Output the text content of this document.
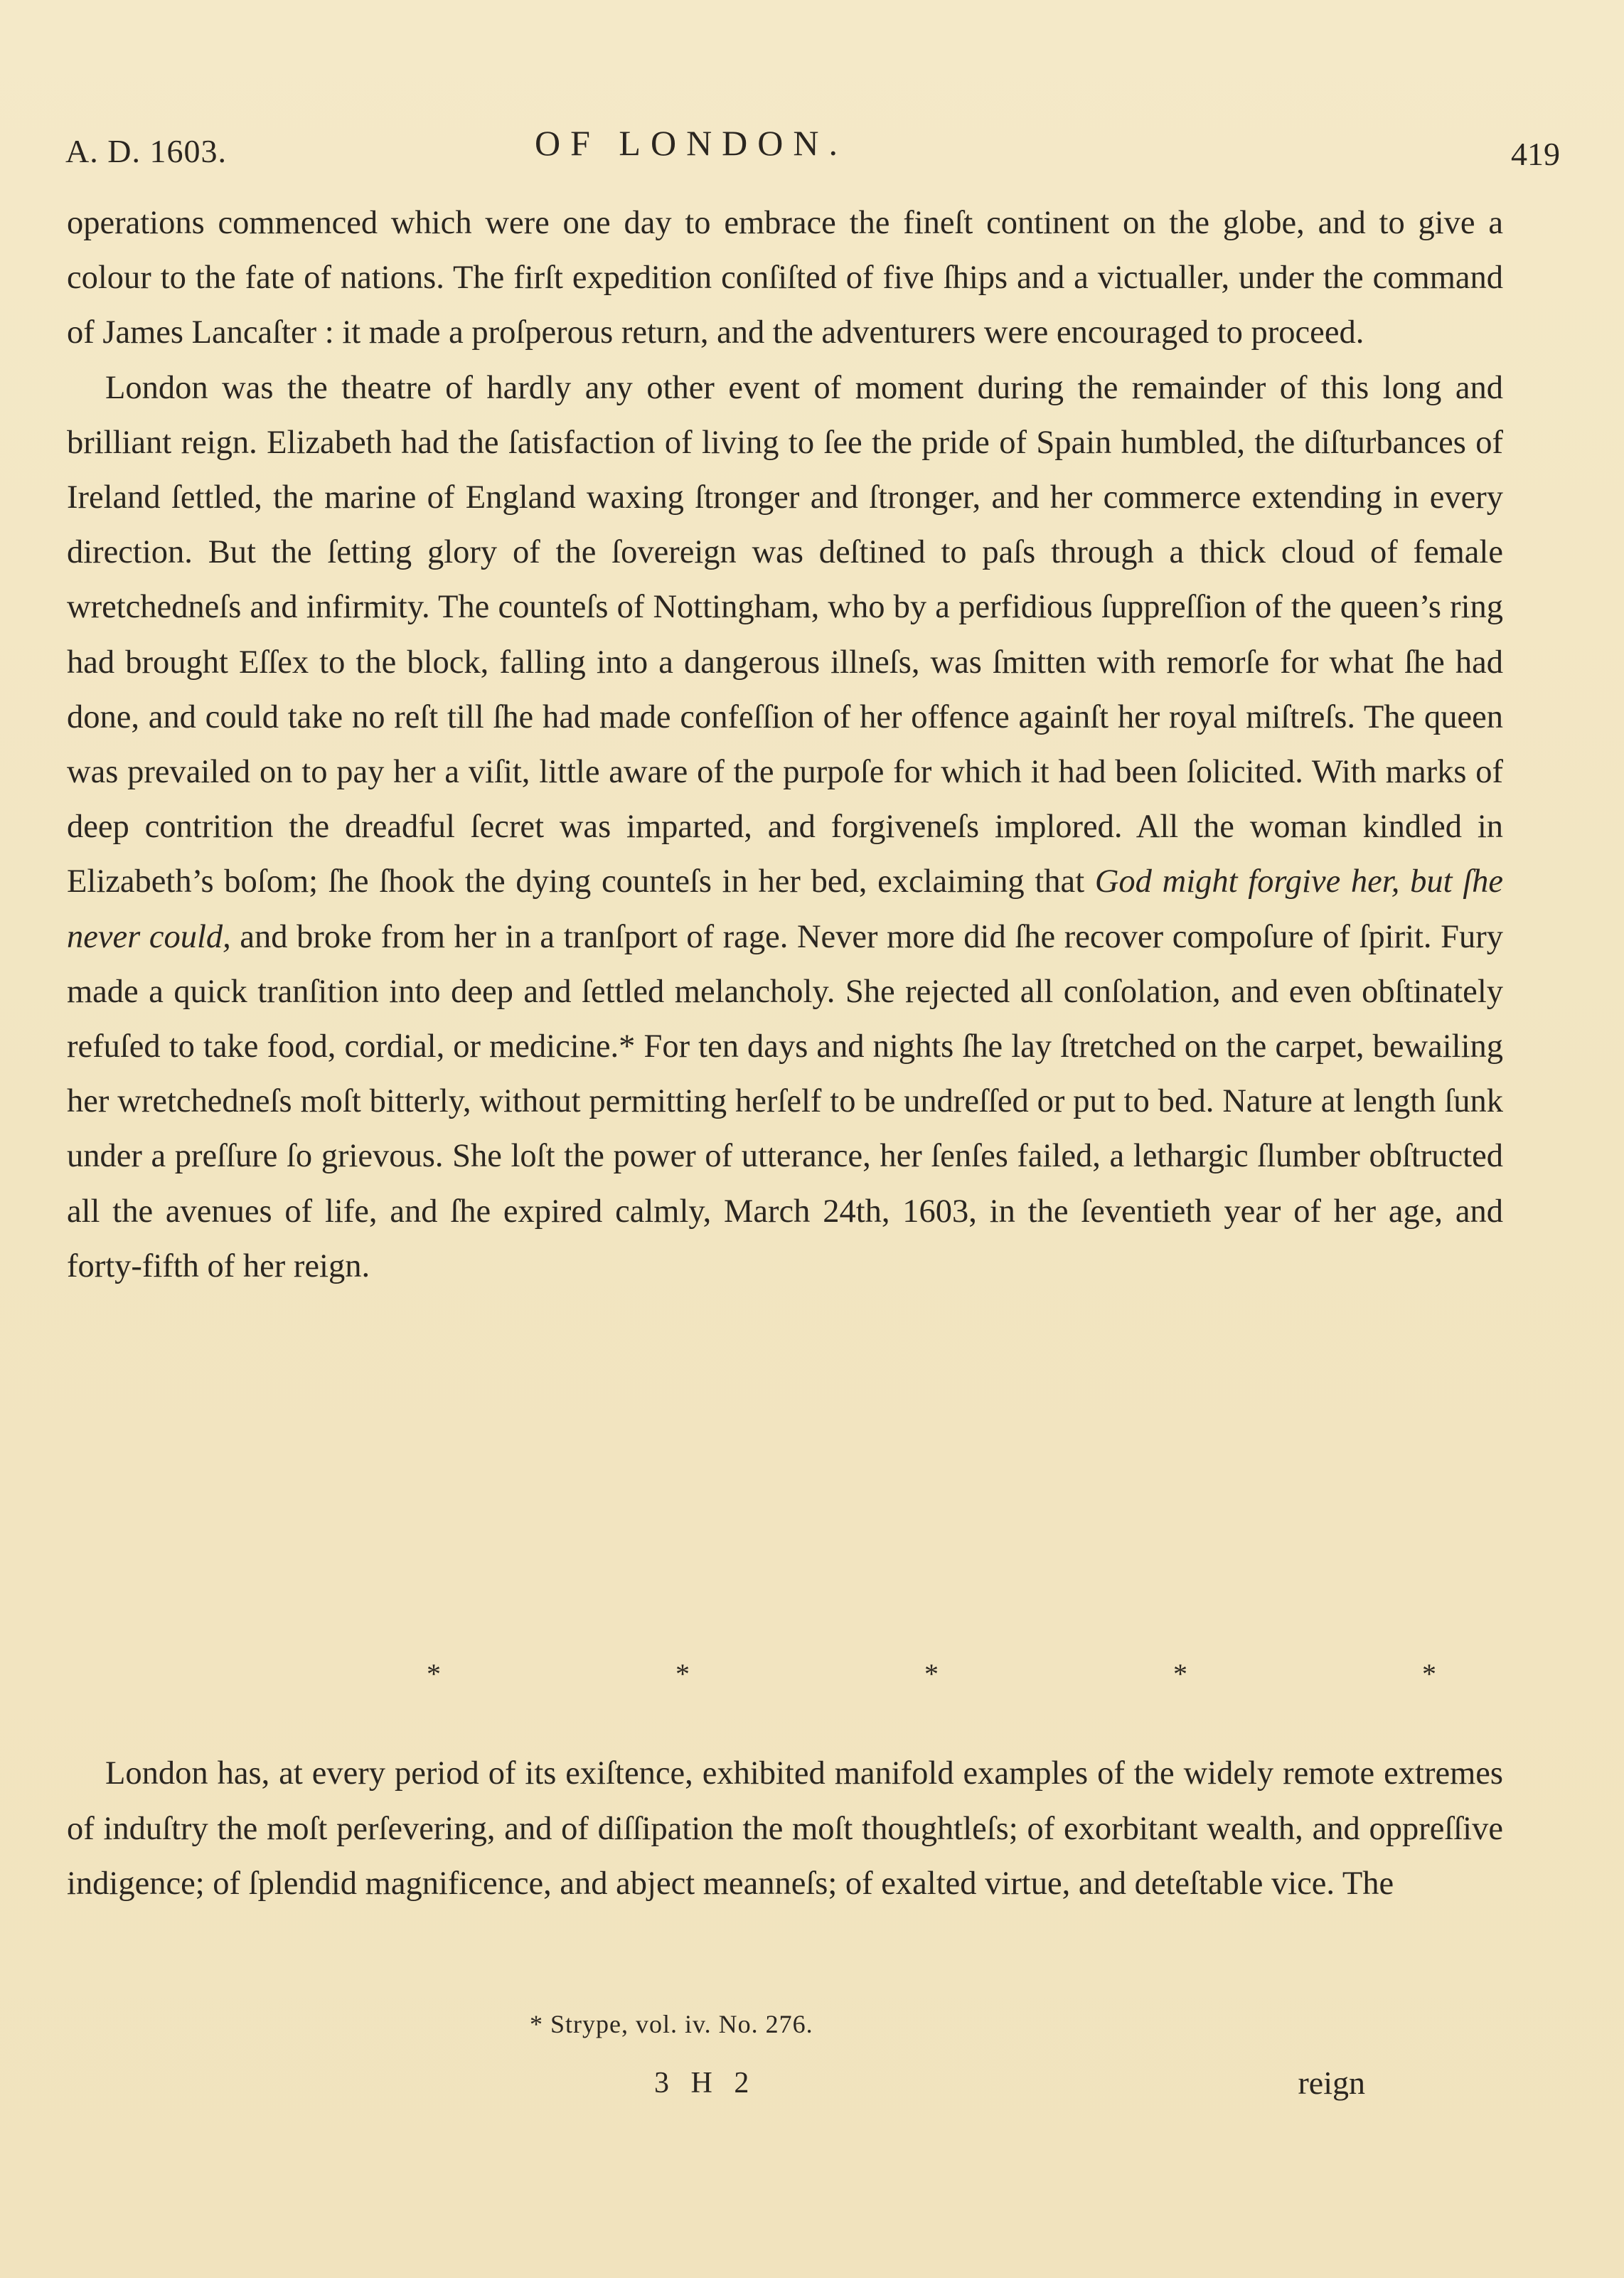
A. D. 1603.	OF LONDON.	419

operations commenced which were one day to embrace the fineſt continent on the globe, and to give a colour to the fate of nations. The firſt expedition conſiſted of five ſhips and a victualler, under the command of James Lancaſter : it made a proſperous return, and the adventurers were encouraged to proceed.

London was the theatre of hardly any other event of moment during the remainder of this long and brilliant reign. Elizabeth had the ſatisfaction of living to ſee the pride of Spain humbled, the diſturbances of Ireland ſettled, the marine of England waxing ſtronger and ſtronger, and her commerce extending in every direction. But the ſetting glory of the ſovereign was deſtined to paſs through a thick cloud of female wretchedneſs and infirmity. The counteſs of Nottingham, who by a perfidious ſuppreſſion of the queen’s ring had brought Eſſex to the block, falling into a dangerous illneſs, was ſmitten with remorſe for what ſhe had done, and could take no reſt till ſhe had made confeſſion of her offence againſt her royal miſtreſs. The queen was prevailed on to pay her a viſit, little aware of the purpoſe for which it had been ſolicited. With marks of deep contrition the dreadful ſecret was imparted, and forgiveneſs implored. All the woman kindled in Elizabeth’s boſom; ſhe ſhook the dying counteſs in her bed, exclaiming that God might forgive her, but ſhe never could, and broke from her in a tranſport of rage. Never more did ſhe recover compoſure of ſpirit. Fury made a quick tranſition into deep and ſettled melancholy. She rejected all conſolation, and even obſtinately refuſed to take food, cordial, or medicine.* For ten days and nights ſhe lay ſtretched on the carpet, bewailing her wretchedneſs moſt bitterly, without permitting herſelf to be undreſſed or put to bed. Nature at length ſunk under a preſſure ſo grievous. She loſt the power of utterance, her ſenſes failed, a lethargic ſlumber obſtructed all the avenues of life, and ſhe expired calmly, March 24th, 1603, in the ſeventieth year of her age, and forty-fifth of her reign.

* * * * *

London has, at every period of its exiſtence, exhibited manifold examples of the widely remote extremes of induſtry the moſt perſevering, and of diſſipation the moſt thoughtleſs; of exorbitant wealth, and oppreſſive indigence; of ſplendid magnificence, and abject meanneſs; of exalted virtue, and deteſtable vice. The

* Strype, vol. iv. No. 276.
3 H 2	reign
